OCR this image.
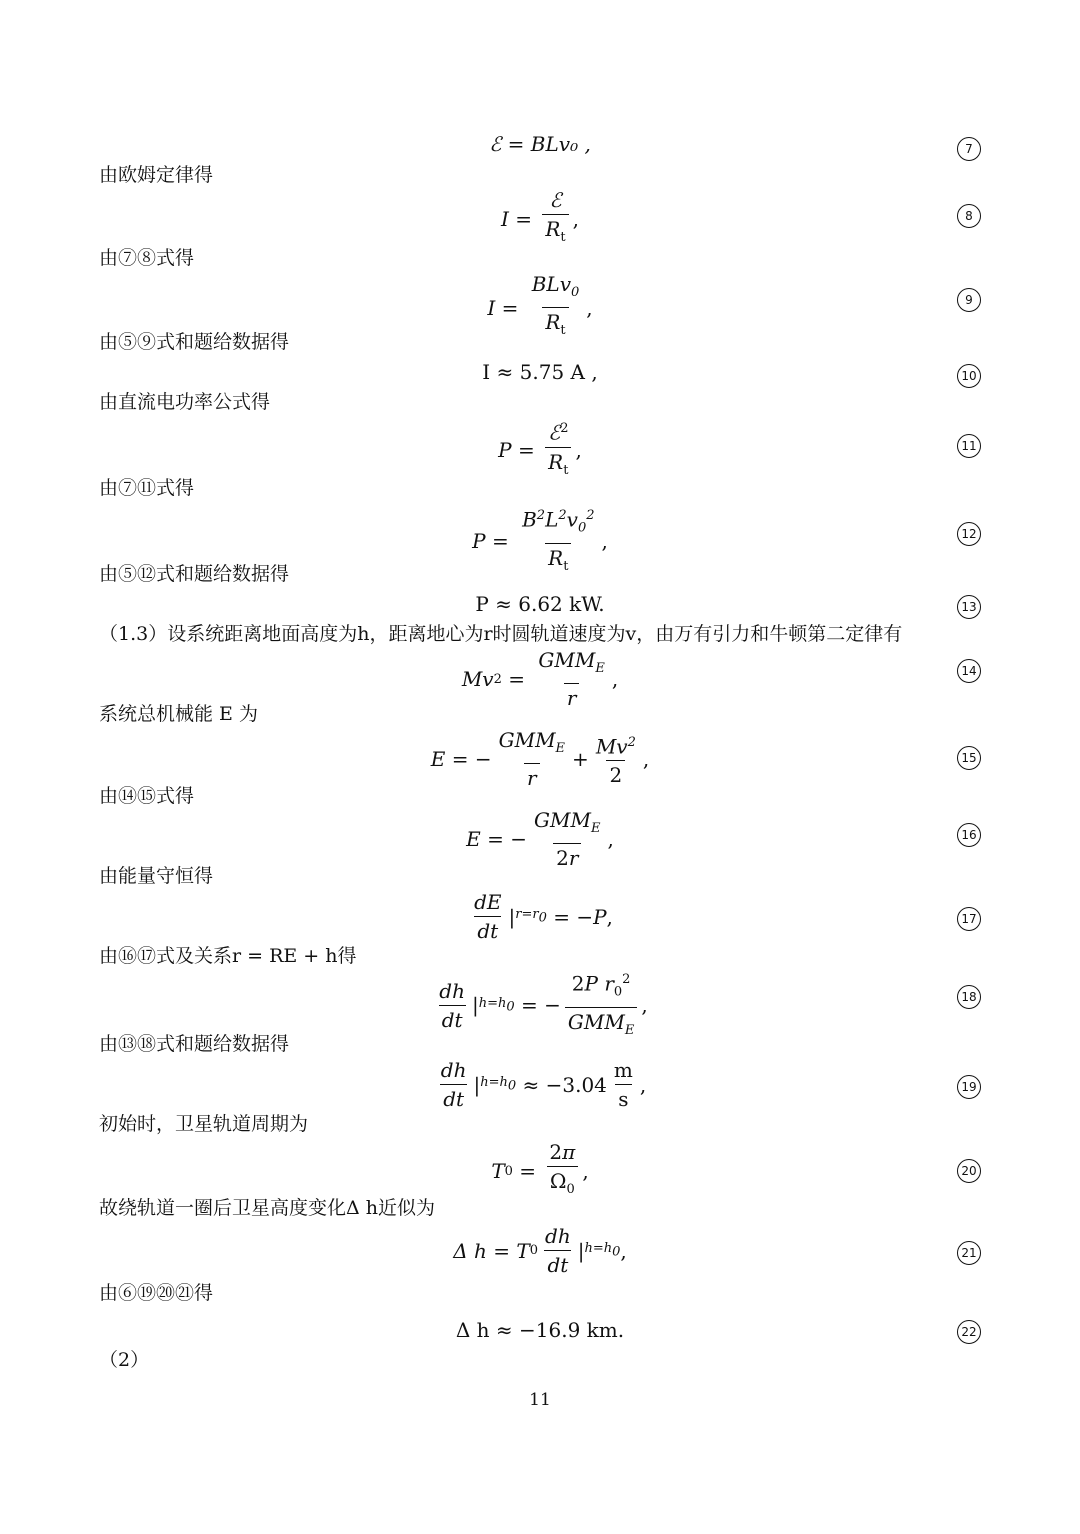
ℰ = BLv₀ ,	7
由欧姆定律得
$I = \frac{\text{ℰ}}{R_t}$ ,	8
由⑦⑧式得
$I = \frac{BLv_0}{R_t}$ ,	9
由⑤⑨式和题给数据得
I ≈ 5.75 A ,	10
由直流电功率公式得
$P = \frac{ℰ^2}{R_t}$ ,	11
由⑦⑪式得
$P = \frac{B^2L^2v_0^2}{R_t}$ ,	12
由⑤⑫式和题给数据得
P ≈ 6.62 kW.	13
（1.3）设系统距离地面高度为h，距离地心为r时圆轨道速度为v，由万有引力和牛顿第二定律有
Mv $2 = \frac{GMM_E}{r}$ ,	14
系统总机械能 E 为
E = − $\frac{GMM_E}{r} + \frac{Mv^2}{2}$ ,	15
由⑭⑮式得
E = − $\frac{GMM_E}{2r}$ ,	16
由能量守恒得
$\frac{dE}{dt}$ | $r=r_0$ = − P ,	17
由⑯⑰式及关系r = RE + h得
$\frac{dh}{dt}$ | $h=h_0$ = − $\frac{2P r_0^2}{GMM_E}$ ,	18
由⑬⑱式和题给数据得
$\frac{dh}{dt}$ | $h=h_0 \approx -3.04 \frac{m}{s}$ ,	19
初始时，卫星轨道周期为
T $0 = \frac{2\pi}{\Omega_0}$ ,	20
故绕轨道一圈后卫星高度变化Δ h近似为
Δ h = T $0 \frac{dh}{dt}$ | $h=h_0$ ,	21
由⑥⑲⑳㉑得
Δ h ≈ −16.9 km.	22
（2）
11
